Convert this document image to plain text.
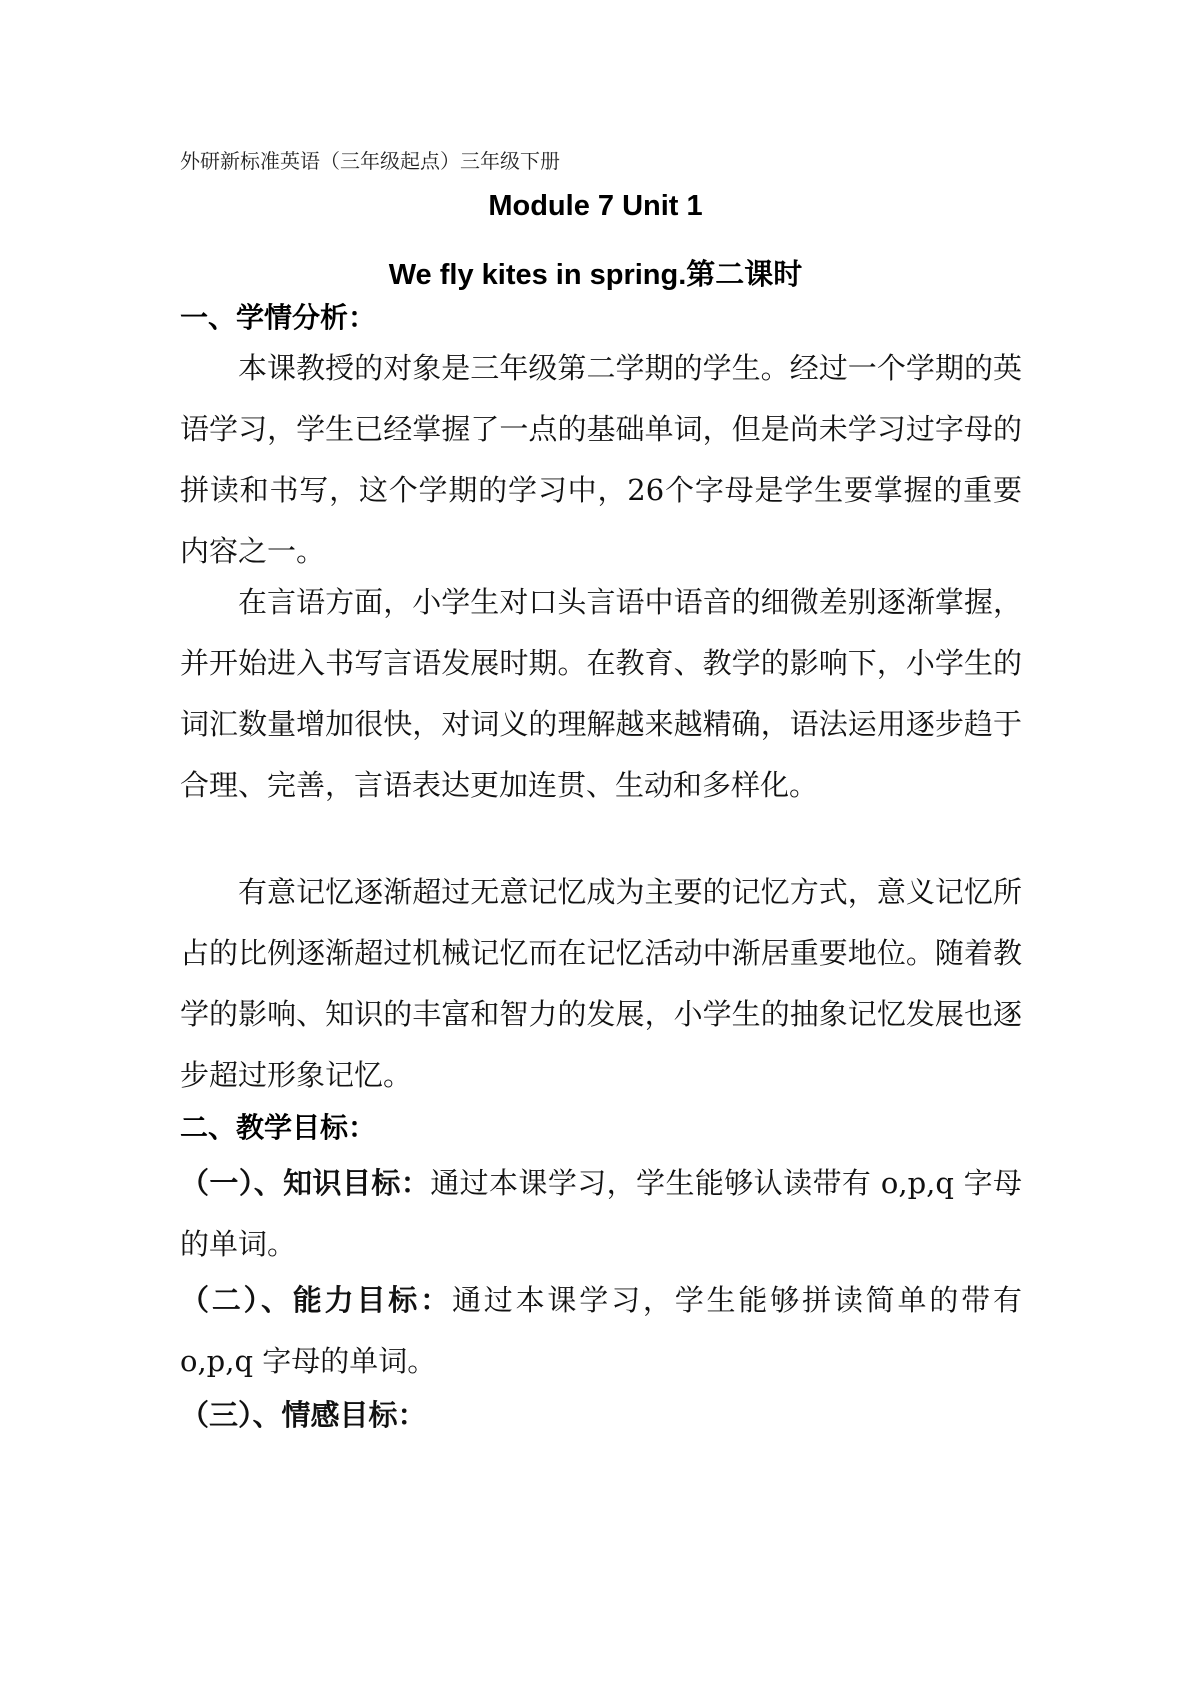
外研新标准英语（三年级起点）三年级下册
Module 7 Unit 1
We fly kites in spring.第二课时
一、学情分析：

本课教授的对象是三年级第二学期的学生。经过一个学期的英语学习，学生已经掌握了一点的基础单词，但是尚未学习过字母的拼读和书写，这个学期的学习中，26个字母是学生要掌握的重要内容之一。

在言语方面，小学生对口头言语中语音的细微差别逐渐掌握，并开始进入书写言语发展时期。在教育、教学的影响下，小学生的词汇数量增加很快，对词义的理解越来越精确，语法运用逐步趋于合理、完善，言语表达更加连贯、生动和多样化。

有意记忆逐渐超过无意记忆成为主要的记忆方式，意义记忆所占的比例逐渐超过机械记忆而在记忆活动中渐居重要地位。随着教学的影响、知识的丰富和智力的发展，小学生的抽象记忆发展也逐步超过形象记忆。

二、教学目标：

（一）、知识目标：通过本课学习，学生能够认读带有 o,p,q 字母的单词。

（二）、能力目标：通过本课学习，学生能够拼读简单的带有 o,p,q 字母的单词。

（三）、情感目标：
